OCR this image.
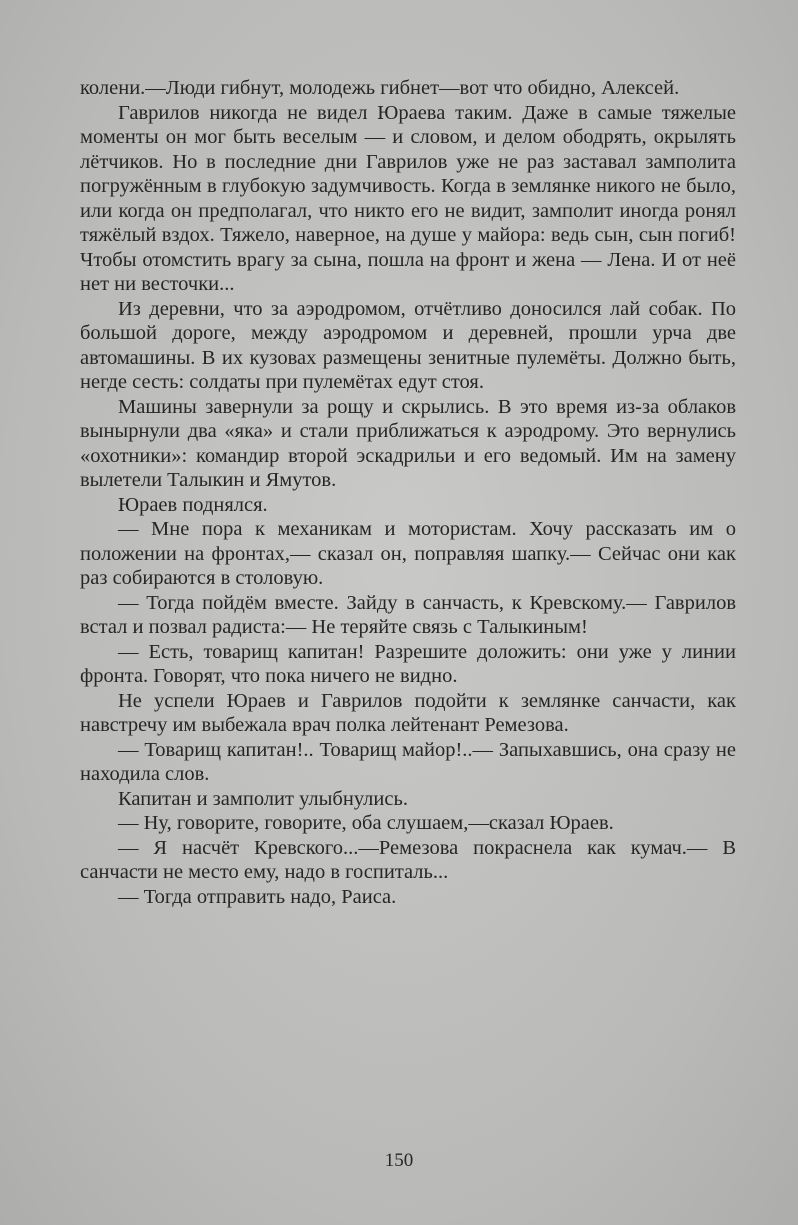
колени.—Люди гибнут, молодежь гибнет—вот что обидно, Алексей.

Гаврилов никогда не видел Юраева таким. Даже в самые тяжелые моменты он мог быть веселым — и словом, и делом ободрять, окрылять лётчиков. Но в последние дни Гаврилов уже не раз заставал замполита погружённым в глубокую задумчивость. Когда в землянке никого не было, или когда он предполагал, что никто его не видит, замполит иногда ронял тяжёлый вздох. Тяжело, наверное, на душе у майора: ведь сын, сын погиб! Чтобы отомстить врагу за сына, пошла на фронт и жена — Лена. И от неё нет ни весточки...

Из деревни, что за аэродромом, отчётливо доносился лай собак. По большой дороге, между аэродромом и деревней, прошли урча две автомашины. В их кузовах размещены зенитные пулемёты. Должно быть, негде сесть: солдаты при пулемётах едут стоя.

Машины завернули за рощу и скрылись. В это время из-за облаков вынырнули два «яка» и стали приближаться к аэродрому. Это вернулись «охотники»: командир второй эскадрильи и его ведомый. Им на замену вылетели Талыкин и Ямутов.

Юраев поднялся.

— Мне пора к механикам и мотористам. Хочу рассказать им о положении на фронтах,— сказал он, поправляя шапку.— Сейчас они как раз собираются в столовую.

— Тогда пойдём вместе. Зайду в санчасть, к Кревскому.— Гаврилов встал и позвал радиста:— Не теряйте связь с Талыкиным!

— Есть, товарищ капитан! Разрешите доложить: они уже у линии фронта. Говорят, что пока ничего не видно.

Не успели Юраев и Гаврилов подойти к землянке санчасти, как навстречу им выбежала врач полка лейтенант Ремезова.

— Товарищ капитан!.. Товарищ майор!..— Запыхавшись, она сразу не находила слов.

Капитан и замполит улыбнулись.

— Ну, говорите, говорите, оба слушаем,—сказал Юраев.

— Я насчёт Кревского...—Ремезова покраснела как кумач.— В санчасти не место ему, надо в госпиталь...

— Тогда отправить надо, Раиса.

150
